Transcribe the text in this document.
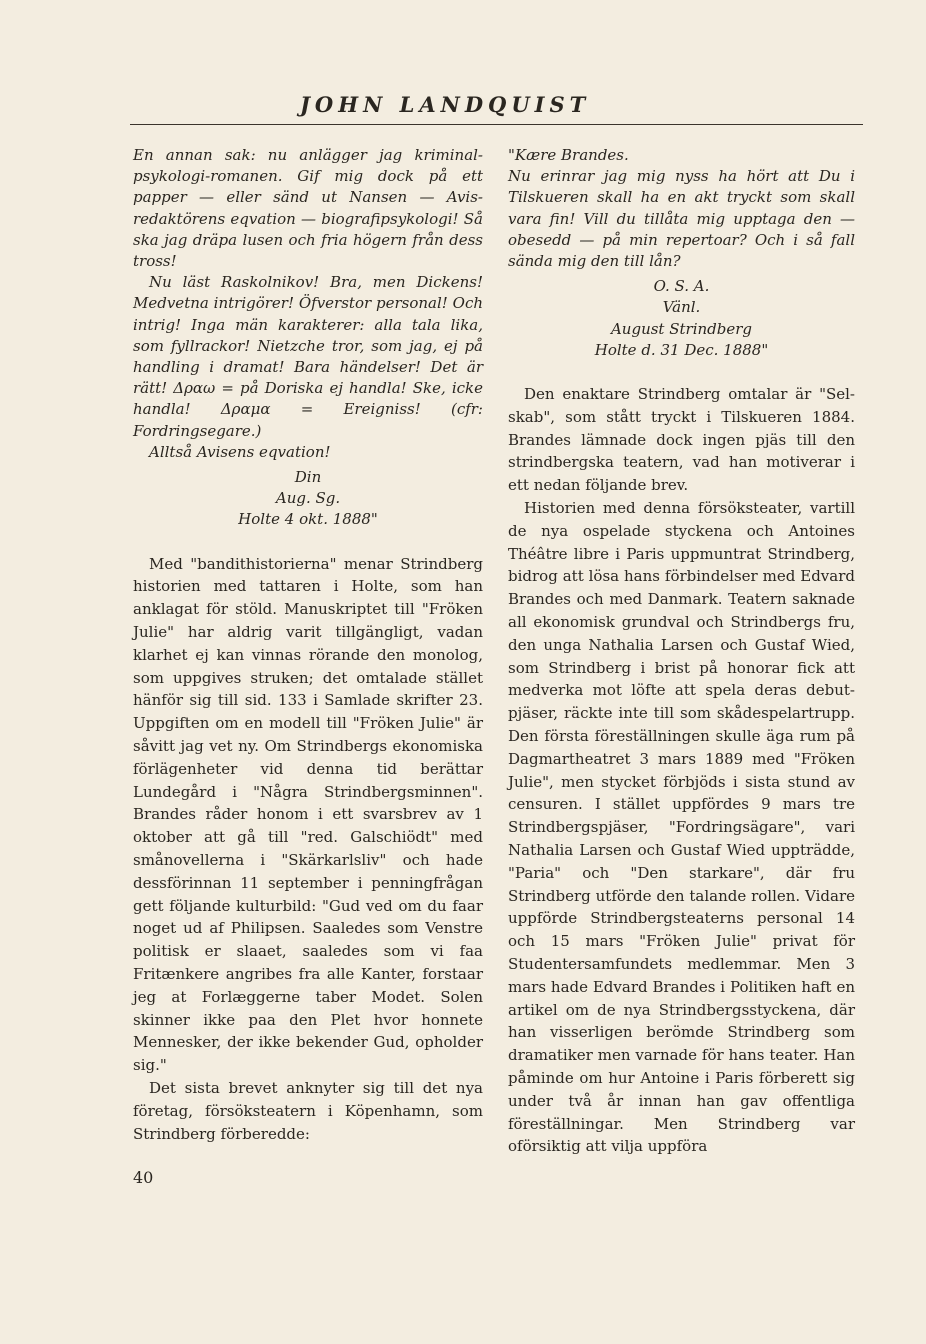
JOHN LANDQUIST

En annan sak: nu anlägger jag kriminal-psykologi-romanen. Gif mig dock på ett papper — eller sänd ut Nansen — Avis-redaktörens eqvation — biografipsykologi! Så ska jag dräpa lusen och fria högern från dess tross!

Nu läst Raskolnikov! Bra, men Dickens! Medvetna intrigörer! Öfverstor personal! Och intrig! Inga män karakterer: alla tala lika, som fyllrackor! Nietzche tror, som jag, ej på handling i dramat! Bara händelser! Det är rätt! Δραω = på Doriska ej handla! Ske, icke handla! Δραμα = Ereigniss! (cfr: Fordringsegare.)

Alltså Avisens eqvation!

Din

Aug. Sg.

Holte 4 okt. 1888"

Med "bandithistorierna" menar Strindberg historien med tattaren i Holte, som han anklagat för stöld. Manuskriptet till "Fröken Julie" har aldrig varit tillgängligt, vadan klarhet ej kan vinnas rörande den monolog, som uppgives struken; det omtalade stället hänför sig till sid. 133 i Samlade skrifter 23. Uppgiften om en modell till "Fröken Julie" är såvitt jag vet ny. Om Strindbergs ekonomiska förlägenheter vid denna tid berättar Lundegård i "Några Strindbergsminnen". Brandes råder honom i ett svarsbrev av 1 oktober att gå till "red. Galschiödt" med smånovellerna i "Skärkarlsliv" och hade dessförinnan 11 september i penningfrågan gett följande kulturbild: "Gud ved om du faar noget ud af Philipsen. Saaledes som Venstre politisk er slaaet, saaledes som vi faa Fritænkere angribes fra alle Kanter, forstaar jeg at Forlæggerne taber Modet. Solen skinner ikke paa den Plet hvor honnete Mennesker, der ikke bekender Gud, opholder sig."

Det sista brevet anknyter sig till det nya företag, försöksteatern i Köpenhamn, som Strindberg förberedde:

"Kære Brandes.

Nu erinrar jag mig nyss ha hört att Du i Tilskueren skall ha en akt tryckt som skall vara fin! Vill du tillåta mig upptaga den — obesedd — på min repertoar? Och i så fall sända mig den till lån?

O. S. A.

Vänl.

August Strindberg

Holte d. 31 Dec. 1888"

Den enaktare Strindberg omtalar är "Sel-skab", som stått tryckt i Tilskueren 1884. Brandes lämnade dock ingen pjäs till den strindbergska teatern, vad han motiverar i ett nedan följande brev.

Historien med denna försöksteater, vartill de nya ospelade styckena och Antoines Théâtre libre i Paris uppmuntrat Strindberg, bidrog att lösa hans förbindelser med Edvard Brandes och med Danmark. Teatern saknade all ekonomisk grundval och Strindbergs fru, den unga Nathalia Larsen och Gustaf Wied, som Strindberg i brist på honorar fick att medverka mot löfte att spela deras debut-pjäser, räckte inte till som skådespelartrupp. Den första föreställningen skulle äga rum på Dagmartheatret 3 mars 1889 med "Fröken Julie", men stycket förbjöds i sista stund av censuren. I stället uppfördes 9 mars tre Strindbergspjäser, "Fordringsägare", vari Nathalia Larsen och Gustaf Wied uppträdde, "Paria" och "Den starkare", där fru Strindberg utförde den talande rollen. Vidare uppförde Strindbergsteaterns personal 14 och 15 mars "Fröken Julie" privat för Studentersamfundets medlemmar. Men 3 mars hade Edvard Brandes i Politiken haft en artikel om de nya Strindbergsstyckena, där han visserligen berömde Strindberg som dramatiker men varnade för hans teater. Han påminde om hur Antoine i Paris förberett sig under två år innan han gav offentliga föreställningar. Men Strindberg var oförsiktig att vilja uppföra

40
